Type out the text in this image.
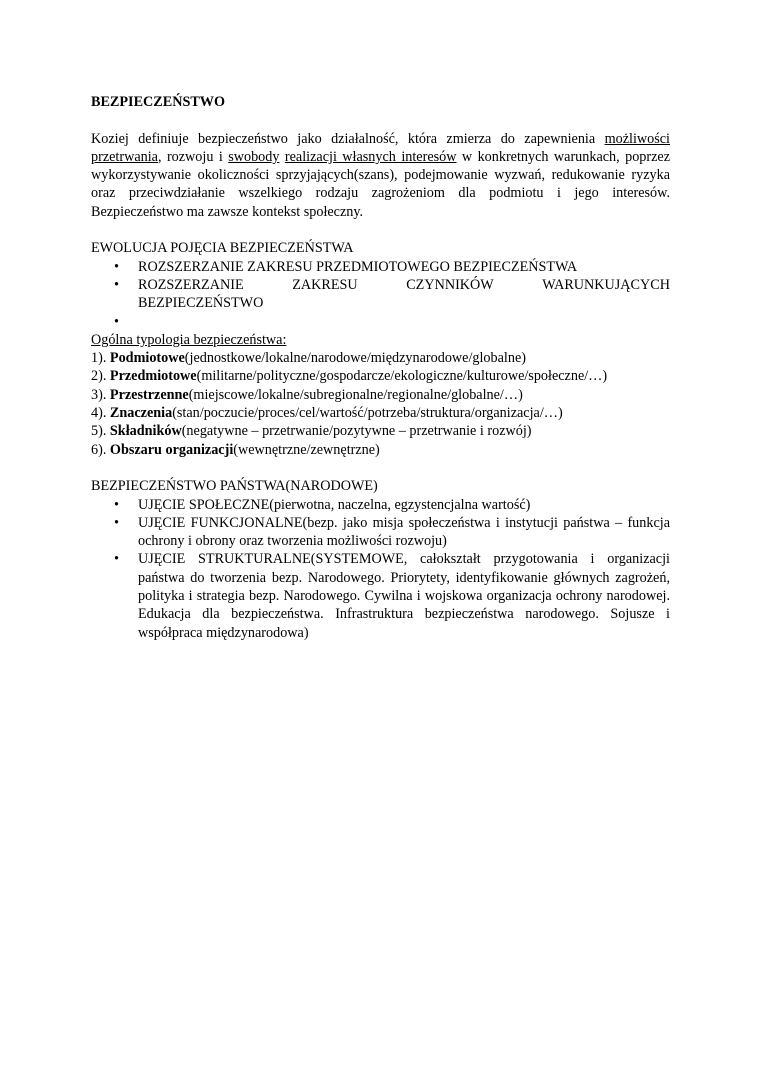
BEZPIECZEŃSTWO

Koziej definiuje bezpieczeństwo jako działalność, która zmierza do zapewnienia możliwości przetrwania, rozwoju i swobody realizacji własnych interesów w konkretnych warunkach, poprzez wykorzystywanie okoliczności sprzyjających(szans), podejmowanie wyzwań, redukowanie ryzyka oraz przeciwdziałanie wszelkiego rodzaju zagrożeniom dla podmiotu i jego interesów. Bezpieczeństwo ma zawsze kontekst społeczny.

EWOLUCJA POJĘCIA BEZPIECZEŃSTWA

• ROZSZERZANIE ZAKRESU PRZEDMIOTOWEGO BEZPIECZEŃSTWA
• ROZSZERZANIE	ZAKRESU	CZYNNIKÓW	WARUNKUJĄCYCH
BEZPIECZEŃSTWO
•

Ogólna typologia bezpieczeństwa:

1). Podmiotowe(jednostkowe/lokalne/narodowe/międzynarodowe/globalne)
2). Przedmiotowe(militarne/polityczne/gospodarcze/ekologiczne/kulturowe/społeczne/…)
3). Przestrzenne(miejscowe/lokalne/subregionalne/regionalne/globalne/…)
4). Znaczenia(stan/poczucie/proces/cel/wartość/potrzeba/struktura/organizacja/…)
5). Składników(negatywne – przetrwanie/pozytywne – przetrwanie i rozwój)
6). Obszaru organizacji(wewnętrzne/zewnętrzne)

BEZPIECZEŃSTWO PAŃSTWA(NARODOWE)

• UJĘCIE SPOŁECZNE(pierwotna, naczelna, egzystencjalna wartość)
• UJĘCIE FUNKCJONALNE(bezp. jako misja społeczeństwa i instytucji państwa – funkcja ochrony i obrony oraz tworzenia możliwości rozwoju)
• UJĘCIE STRUKTURALNE(SYSTEMOWE, całokształt przygotowania i organizacji państwa do tworzenia bezp. Narodowego. Priorytety, identyfikowanie głównych zagrożeń, polityka i strategia bezp. Narodowego. Cywilna i wojskowa organizacja ochrony narodowej. Edukacja dla bezpieczeństwa. Infrastruktura bezpieczeństwa narodowego. Sojusze i współpraca międzynarodowa)
